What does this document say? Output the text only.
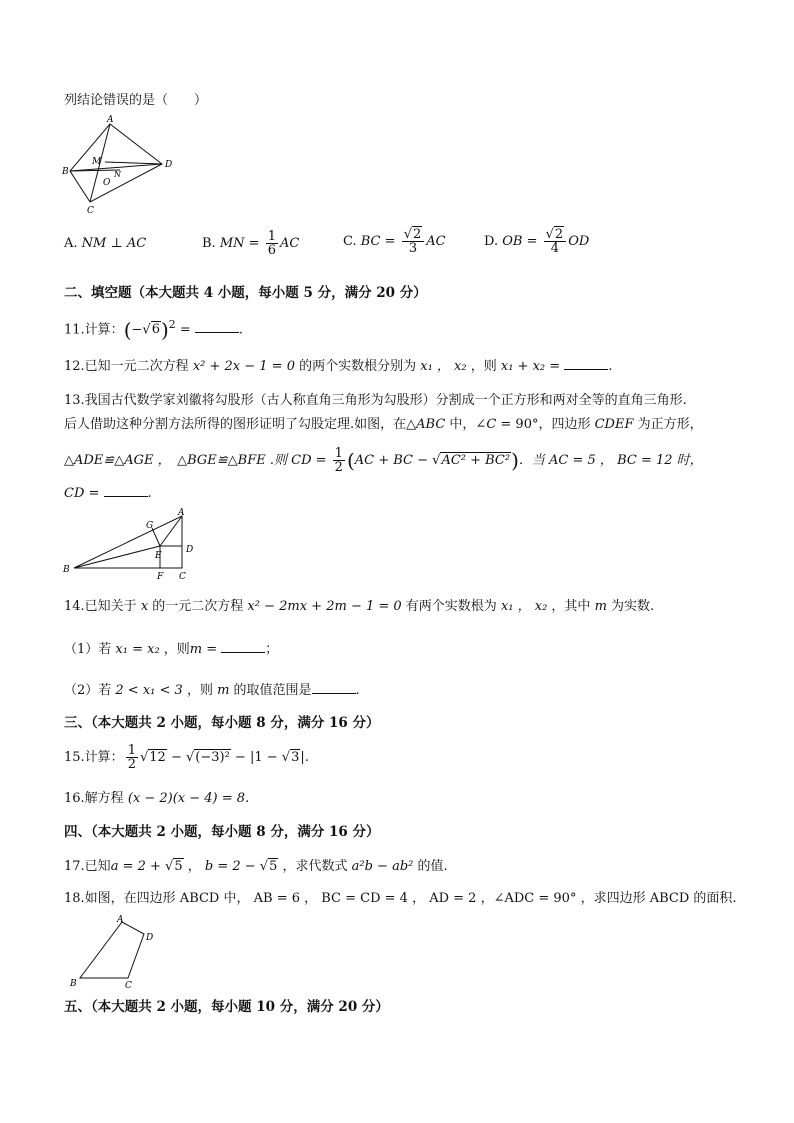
列结论错误的是（　　）
A
B
C
D
M
N
O
A. NM ⊥ AC	B. MN = $\frac{1}{6}$ AC	C. BC = $\frac{√2}{3}$ AC	D. OB = $\frac{√2}{4}$ OD
二、填空题（本大题共 4 小题，每小题 5 分，满分 20 分）
11.计算：$(-√6)^2$ =	.
12.已知一元二次方程 x² + 2x − 1 = 0 的两个实数根分别为 x₁ ， x₂ ，则 x₁ + x₂ =	.
13.我国古代数学家刘徽将勾股形（古人称直角三角形为勾股形）分割成一个正方形和两对全等的直角三角形.
后人借助这种分割方法所得的图形证明了勾股定理.如图，在△ABC 中，∠C = 90°，四边形 CDEF 为正方形，
△ADE≌△AGE ，　△BGE≌△BFE .则 CD = $\frac{1}{2} (AC$ + BC − √AC² + BC²)．当 AC = 5 ， BC = 12 时，
CD =	.
B
A
C
D
E
F
G
14.已知关于 x 的一元二次方程 x² − 2mx + 2m − 1 = 0 有两个实数根为 x₁ ， x₂ ，其中 m 为实数.
（1）若 x₁ = x₂ ，则m =	；
（2）若 2 < x₁ < 3 ，则 m 的取值范围是	.
三、（本大题共 2 小题，每小题 8 分，满分 16 分）
15.计算： $\frac{1}{2} √12 - √(-3)^2 - |1 - √3|$.
16.解方程 (x − 2)(x − 4) = 8.
四、（本大题共 2 小题，每小题 8 分，满分 16 分）
17.已知a = 2 + √5 ， b = 2 − √5 ，求代数式 a²b − ab² 的值.
18.如图，在四边形 ABCD 中， AB = 6 ， BC = CD = 4 ， AD = 2 ，∠ADC = 90° ，求四边形 ABCD 的面积.
A
D
B	C
五、（本大题共 2 小题，每小题 10 分，满分 20 分）
